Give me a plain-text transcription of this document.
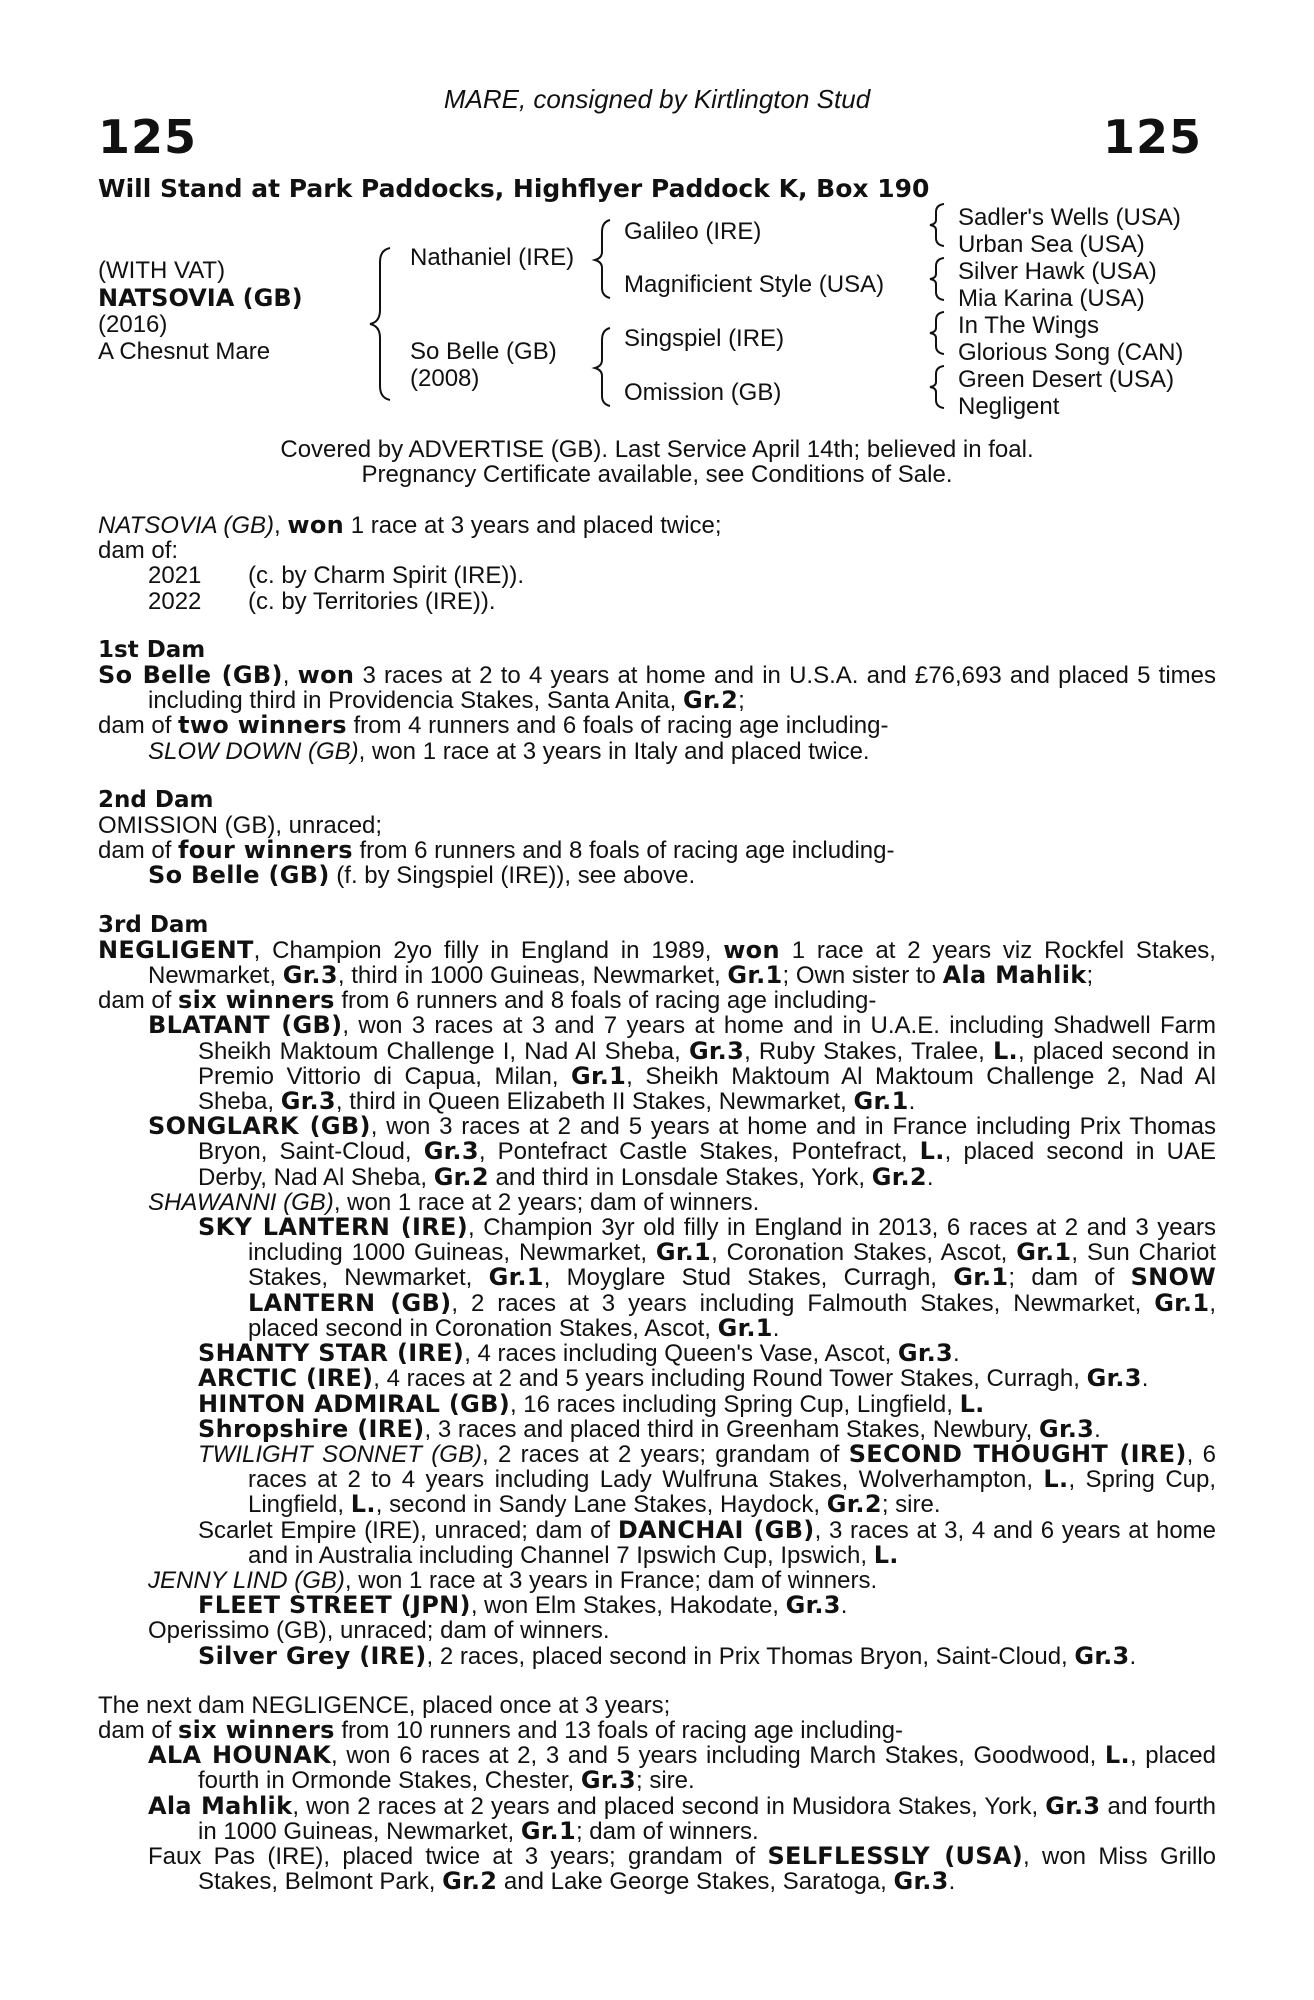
MARE, consigned by Kirtlington Stud
125	125
Will Stand at Park Paddocks, Highflyer Paddock K, Box 190
(WITH VAT)
NATSOVIA (GB)
(2016)
A Chesnut Mare
Nathaniel (IRE)
So Belle (GB)
(2008)
Galileo (IRE)
Magnificient Style (USA)
Singspiel (IRE)
Omission (GB)
Sadler's Wells (USA)
Urban Sea (USA)
Silver Hawk (USA)
Mia Karina (USA)
In The Wings
Glorious Song (CAN)
Green Desert (USA)
Negligent
Covered by ADVERTISE (GB). Last Service April 14th; believed in foal.
Pregnancy Certificate available, see Conditions of Sale.

NATSOVIA (GB), won 1 race at 3 years and placed twice;

dam of:

2021 (c. by Charm Spirit (IRE)).

2022 (c. by Territories (IRE)).

1st Dam

So Belle (GB), won 3 races at 2 to 4 years at home and in U.S.A. and £76,693 and placed 5 times including third in Providencia Stakes, Santa Anita, Gr.2;

dam of two winners from 4 runners and 6 foals of racing age including-

SLOW DOWN (GB), won 1 race at 3 years in Italy and placed twice.

2nd Dam

OMISSION (GB), unraced;

dam of four winners from 6 runners and 8 foals of racing age including-

So Belle (GB) (f. by Singspiel (IRE)), see above.

3rd Dam

NEGLIGENT, Champion 2yo filly in England in 1989, won 1 race at 2 years viz Rockfel Stakes, Newmarket, Gr.3, third in 1000 Guineas, Newmarket, Gr.1; Own sister to Ala Mahlik;

dam of six winners from 6 runners and 8 foals of racing age including-

BLATANT (GB), won 3 races at 3 and 7 years at home and in U.A.E. including Shadwell Farm Sheikh Maktoum Challenge I, Nad Al Sheba, Gr.3, Ruby Stakes, Tralee, L., placed second in Premio Vittorio di Capua, Milan, Gr.1, Sheikh Maktoum Al Maktoum Challenge 2, Nad Al Sheba, Gr.3, third in Queen Elizabeth II Stakes, Newmarket, Gr.1.

SONGLARK (GB), won 3 races at 2 and 5 years at home and in France including Prix Thomas Bryon, Saint-Cloud, Gr.3, Pontefract Castle Stakes, Pontefract, L., placed second in UAE Derby, Nad Al Sheba, Gr.2 and third in Lonsdale Stakes, York, Gr.2.

SHAWANNI (GB), won 1 race at 2 years; dam of winners.

SKY LANTERN (IRE), Champion 3yr old filly in England in 2013, 6 races at 2 and 3 years including 1000 Guineas, Newmarket, Gr.1, Coronation Stakes, Ascot, Gr.1, Sun Chariot Stakes, Newmarket, Gr.1, Moyglare Stud Stakes, Curragh, Gr.1; dam of SNOW LANTERN (GB), 2 races at 3 years including Falmouth Stakes, Newmarket, Gr.1, placed second in Coronation Stakes, Ascot, Gr.1.

SHANTY STAR (IRE), 4 races including Queen's Vase, Ascot, Gr.3.

ARCTIC (IRE), 4 races at 2 and 5 years including Round Tower Stakes, Curragh, Gr.3.

HINTON ADMIRAL (GB), 16 races including Spring Cup, Lingfield, L.

Shropshire (IRE), 3 races and placed third in Greenham Stakes, Newbury, Gr.3.

TWILIGHT SONNET (GB), 2 races at 2 years; grandam of SECOND THOUGHT (IRE), 6 races at 2 to 4 years including Lady Wulfruna Stakes, Wolverhampton, L., Spring Cup, Lingfield, L., second in Sandy Lane Stakes, Haydock, Gr.2; sire.

Scarlet Empire (IRE), unraced; dam of DANCHAI (GB), 3 races at 3, 4 and 6 years at home and in Australia including Channel 7 Ipswich Cup, Ipswich, L.

JENNY LIND (GB), won 1 race at 3 years in France; dam of winners.

FLEET STREET (JPN), won Elm Stakes, Hakodate, Gr.3.

Operissimo (GB), unraced; dam of winners.

Silver Grey (IRE), 2 races, placed second in Prix Thomas Bryon, Saint-Cloud, Gr.3.

The next dam NEGLIGENCE, placed once at 3 years;

dam of six winners from 10 runners and 13 foals of racing age including-

ALA HOUNAK, won 6 races at 2, 3 and 5 years including March Stakes, Goodwood, L., placed fourth in Ormonde Stakes, Chester, Gr.3; sire.

Ala Mahlik, won 2 races at 2 years and placed second in Musidora Stakes, York, Gr.3 and fourth in 1000 Guineas, Newmarket, Gr.1; dam of winners.

Faux Pas (IRE), placed twice at 3 years; grandam of SELFLESSLY (USA), won Miss Grillo Stakes, Belmont Park, Gr.2 and Lake George Stakes, Saratoga, Gr.3.
